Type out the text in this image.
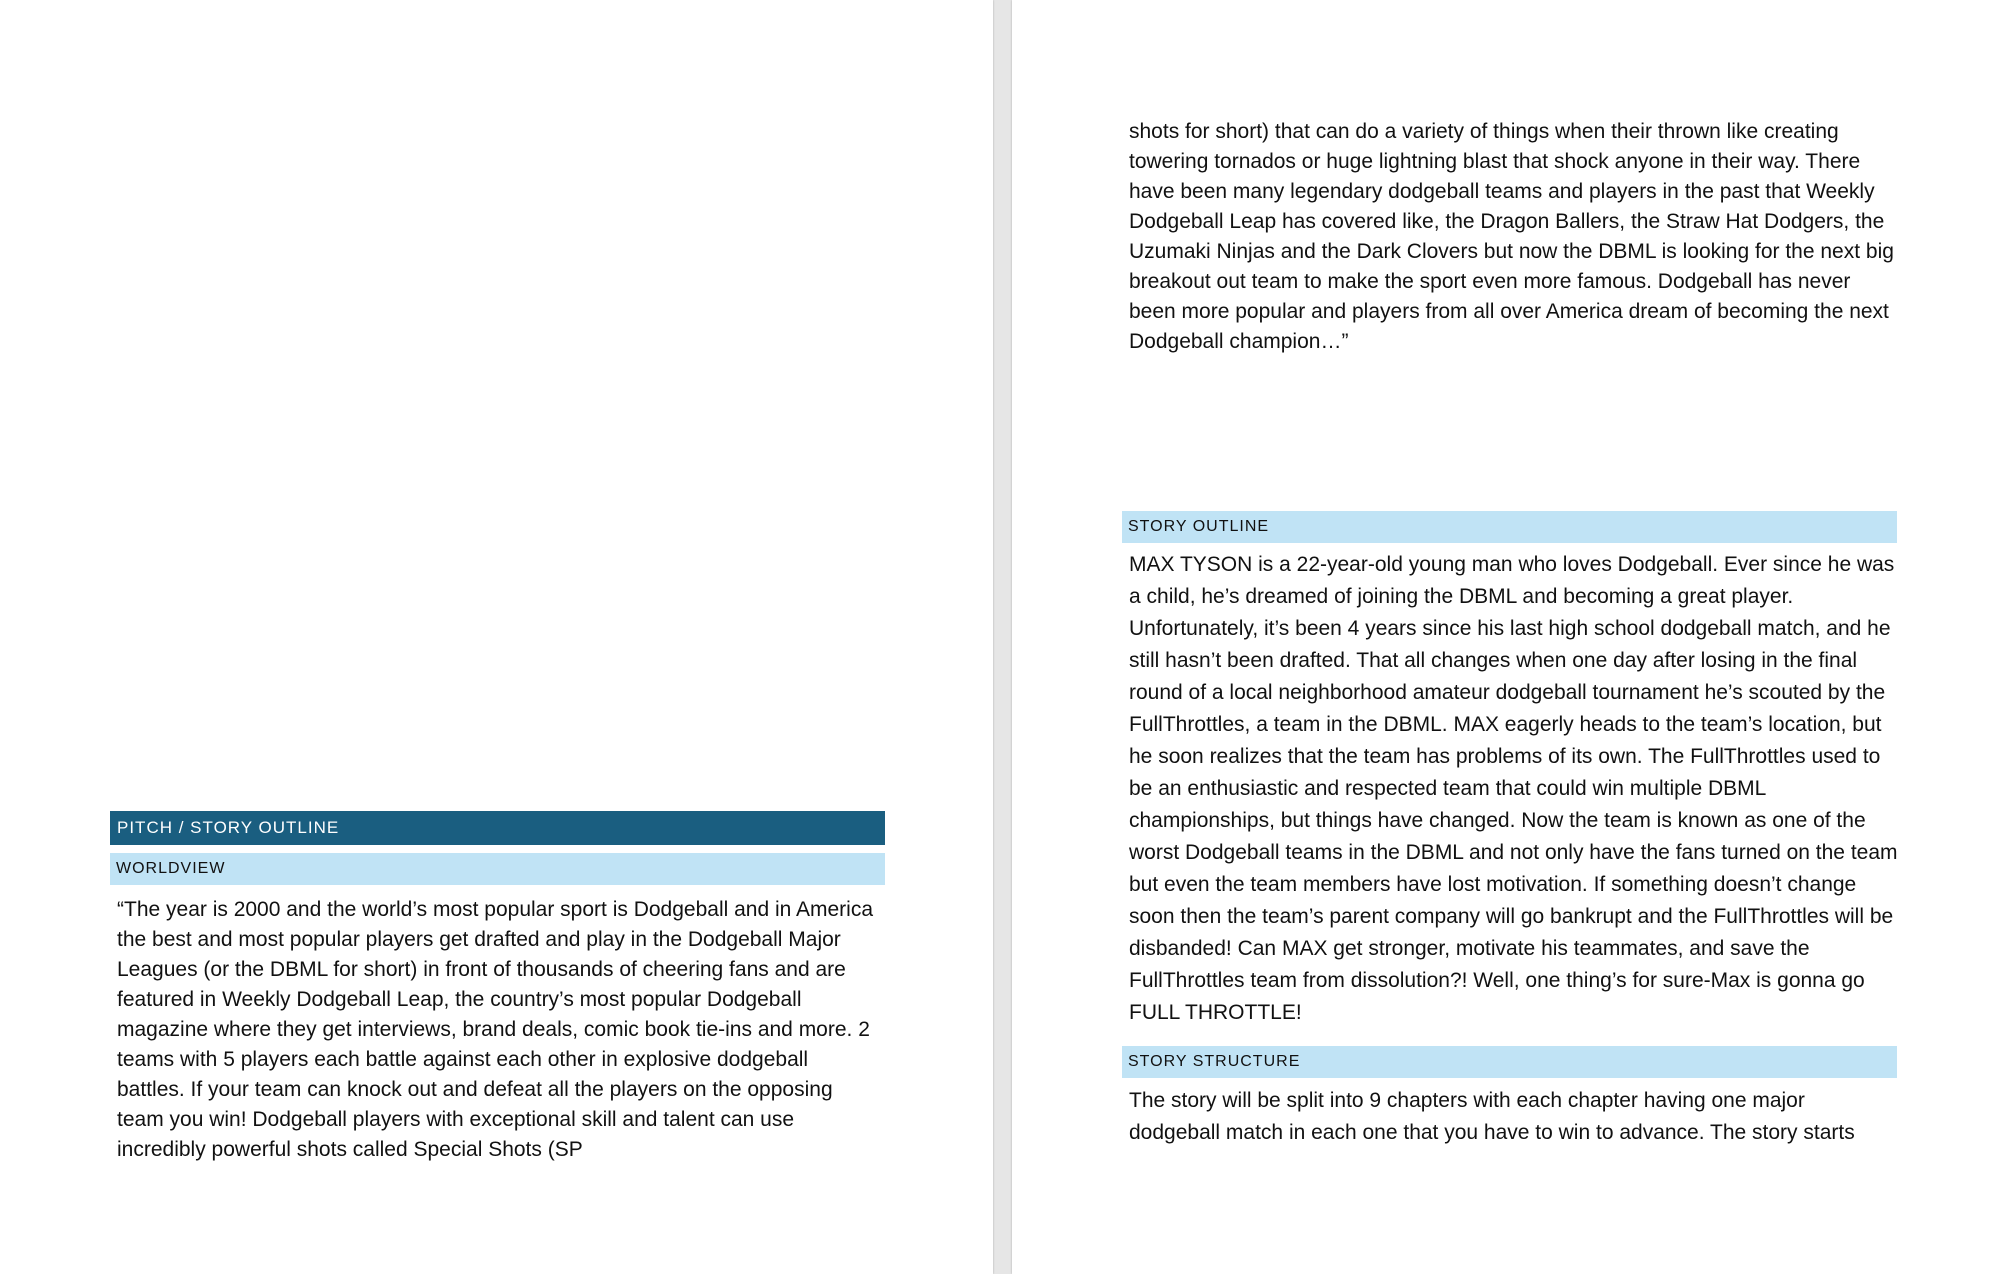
PITCH / STORY OUTLINE
WORLDVIEW

“The year is 2000 and the world’s most popular sport is Dodgeball and in America the best and most popular players get drafted and play in the Dodgeball Major Leagues (or the DBML for short) in front of thousands of cheering fans and are featured in Weekly Dodgeball Leap, the country’s most popular Dodgeball magazine where they get interviews, brand deals, comic book tie-ins and more. 2 teams with 5 players each battle against each other in explosive dodgeball battles. If your team can knock out and defeat all the players on the opposing team you win! Dodgeball players with exceptional skill and talent can use incredibly powerful shots called Special Shots (SP

shots for short) that can do a variety of things when their thrown like creating towering tornados or huge lightning blast that shock anyone in their way. There have been many legendary dodgeball teams and players in the past that Weekly Dodgeball Leap has covered like, the Dragon Ballers, the Straw Hat Dodgers, the Uzumaki Ninjas and the Dark Clovers but now the DBML is looking for the next big breakout out team to make the sport even more famous. Dodgeball has never been more popular and players from all over America dream of becoming the next Dodgeball champion…”

STORY OUTLINE

MAX TYSON is a 22-year-old young man who loves Dodgeball. Ever since he was a child, he’s dreamed of joining the DBML and becoming a great player. Unfortunately, it’s been 4 years since his last high school dodgeball match, and he still hasn’t been drafted. That all changes when one day after losing in the final round of a local neighborhood amateur dodgeball tournament he’s scouted by the FullThrottles, a team in the DBML. MAX eagerly heads to the team’s location, but he soon realizes that the team has problems of its own. The FullThrottles used to be an enthusiastic and respected team that could win multiple DBML championships, but things have changed. Now the team is known as one of the worst Dodgeball teams in the DBML and not only have the fans turned on the team but even the team members have lost motivation. If something doesn’t change soon then the team’s parent company will go bankrupt and the FullThrottles will be disbanded! Can MAX get stronger, motivate his teammates, and save the FullThrottles team from dissolution?! Well, one thing’s for sure-Max is gonna go FULL THROTTLE!

STORY STRUCTURE

The story will be split into 9 chapters with each chapter having one major dodgeball match in each one that you have to win to advance. The story starts
